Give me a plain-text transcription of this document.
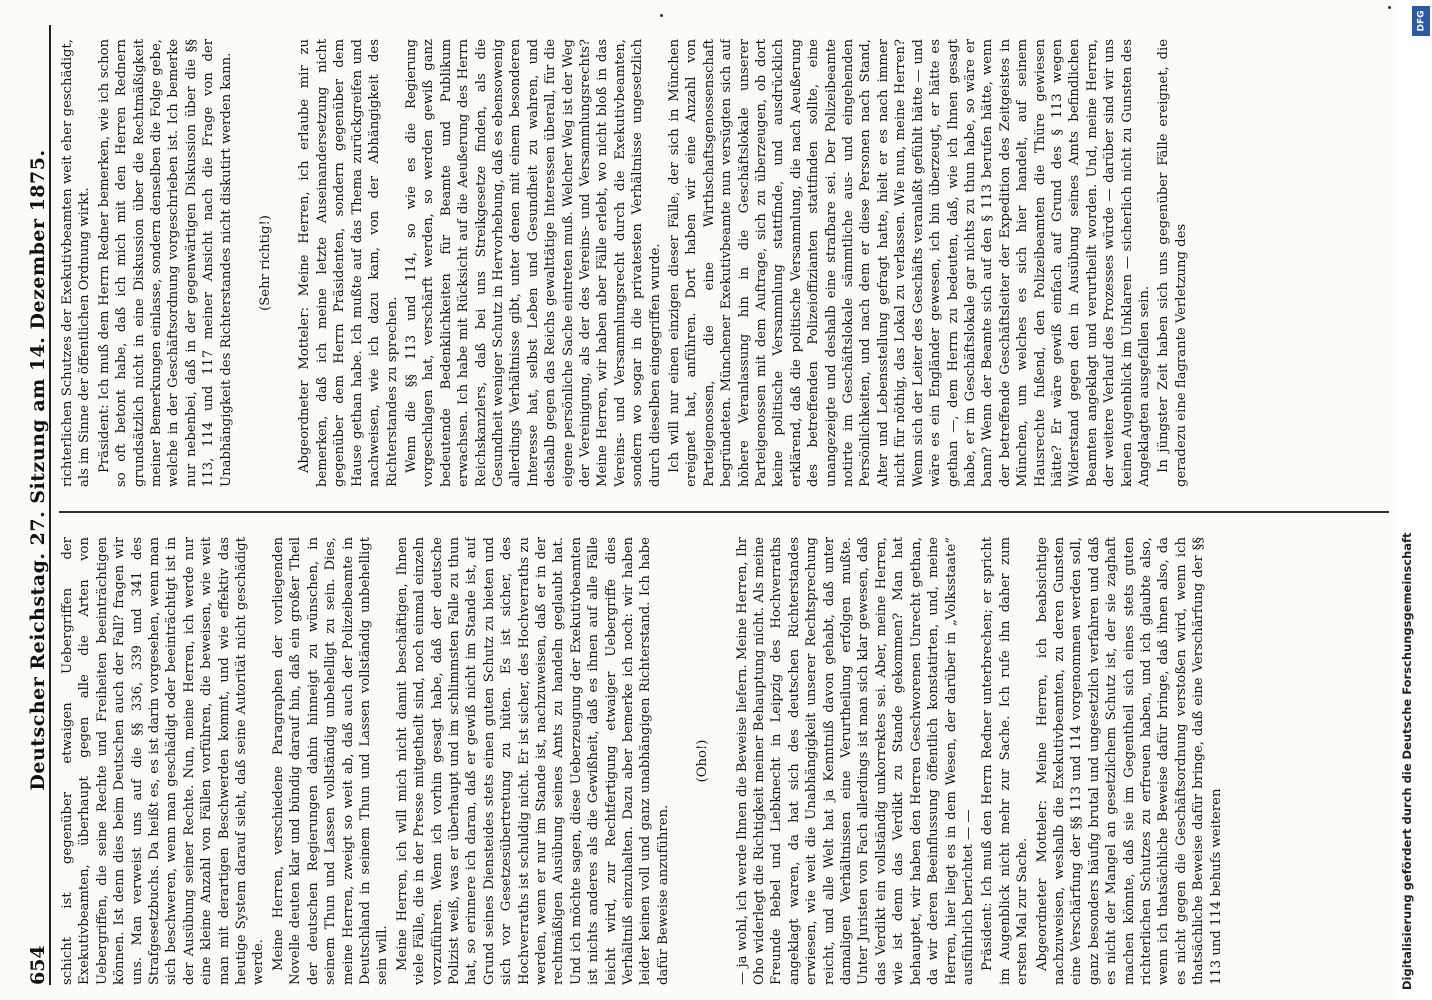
654
Deutscher Reichstag. 27. Sitzung am 14. Dezember 1875. schicht ist gegenüber etwaigen Uebergriffen der Exekutivbeamten, überhaupt gegen alle die Arten von Uebergriffen, die seine Rechte und Freiheiten beeinträchtigen können. Ist denn dies beim Deutschen auch der Fall? fragen wir uns. Man verweist uns auf die §§ 336, 339 und 341 des Strafgesetzbuchs. Da heißt es, es ist darin vorgesehen, wenn man sich beschweren, wenn man geschädigt oder beeinträchtigt ist in der Ausübung seiner Rechte. Nun, meine Herren, ich werde nur eine kleine Anzahl von Fällen vorführen, die beweisen, wie weit man mit derartigen Beschwerden kommt, und wie effektiv das heutige System darauf sieht, daß seine Autorität nicht geschädigt werde. Meine Herren, verschiedene Paragraphen der vorliegenden Novelle deuten klar und bündig darauf hin, daß ein großer Theil der deutschen Regierungen dahin hinneigt zu wünschen, in seinem Thun und Lassen vollständig unbehelligt zu sein. Dies, meine Herren, zweigt so weit ab, daß auch der Polizeibeamte in Deutschland in seinem Thun und Lassen vollständig unbehelligt sein will. Meine Herren, ich will mich nicht damit beschäftigen, Ihnen viele Fälle, die in der Presse mitgetheilt sind, noch einmal einzeln vorzuführen. Wenn ich vorhin gesagt habe, daß der deutsche Polizist weiß, was er überhaupt und im schlimmsten Falle zu thun hat, so erinnere ich daran, daß er gewiß nicht im Stande ist, auf Grund seines Diensteides stets einen guten Schutz zu bieten und sich vor Gesetzesübertretung zu hüten. Es ist sicher, des Hochverraths ist schuldig nicht. Er ist sicher, des Hochverraths zu werden, wenn er nur im Stande ist, nachzuweisen, daß er in der rechtmäßigen Ausübung seines Amts zu handeln geglaubt hat. Und ich möchte sagen, diese Ueberzeugung der Exekutivbeamten ist nichts anderes als die Gewißheit, daß es ihnen auf alle Fälle leicht wird, zur Rechtfertigung etwaiger Uebergriffe dies Verhältniß einzuhalten. Dazu aber bemerke ich noch: wir haben leider keinen voll und ganz unabhängigen Richterstand. Ich habe dafür Beweise anzuführen.

(Oho!) — ja wohl, ich werde Ihnen die Beweise liefern. Meine Herren, Ihr Oho widerlegt die Richtigkeit meiner Behauptung nicht. Als meine Freunde Bebel und Liebknecht in Leipzig des Hochverraths angeklagt waren, da hat sich des deutschen Richterstandes erwiesen, wie weit die Unabhängigkeit unserer Rechtsprechung reicht, und alle Welt hat ja Kenntniß davon gehabt, daß unter damaligen Verhältnissen eine Verurtheilung erfolgen mußte. Unter Juristen von Fach allerdings ist man sich klar gewesen, daß das Verdikt ein vollständig unkorrektes sei. Aber, meine Herren, wie ist denn das Verdikt zu Stande gekommen? Man hat behauptet, wir haben den Herren Geschworenen Unrecht gethan, da wir deren Beeinflussung öffentlich konstatirten, und, meine Herren, hier liegt es in dem Wesen, der darüber in „Volksstaate“ ausführlich berichtet — — Präsident: Ich muß den Herrn Redner unterbrechen; er spricht im Augenblick nicht mehr zur Sache. Ich rufe ihn daher zum ersten Mal zur Sache. Abgeordneter Motteler: Meine Herren, ich beabsichtige nachzuweisen, weshalb die Exekutivbeamten, zu deren Gunsten eine Verschärfung der §§ 113 und 114 vorgenommen werden soll, ganz besonders häufig brutal und ungesetzlich verfahren und daß es nicht der Mangel an gesetzlichem Schutz ist, der sie zaghaft machen könnte, daß sie im Gegentheil sich eines stets guten richterlichen Schutzes zu erfreuen haben, und ich glaubte also, wenn ich thatsächliche Beweise dafür bringe, daß ihnen also, da es nicht gegen die Geschäftsordnung verstoßen wird, wenn ich thatsächliche Beweise dafür bringe, daß eine Verschärfung der §§ 113 und 114 behufs weiteren

richterlichen Schutzes der Exekutivbeamten weit eher geschädigt, als im Sinne der öffentlichen Ordnung wirkt. Präsident: Ich muß dem Herrn Redner bemerken, wie ich schon so oft betont habe, daß ich mich mit den Herren Rednern grundsätzlich nicht in eine Diskussion über die Rechtmäßigkeit meiner Bemerkungen einlasse, sondern denselben die Folge gebe, welche in der Geschäftsordnung vorgeschrieben ist. Ich bemerke nur nebenbei, daß in der gegenwärtigen Diskussion über die §§ 113, 114 und 117 meiner Ansicht nach die Frage von der Unabhängigkeit des Richterstandes nicht diskutirt werden kann. (Sehr richtig!) Abgeordneter Motteler: Meine Herren, ich erlaube mir zu bemerken, daß ich meine letzte Auseinandersetzung nicht gegenüber dem Herrn Präsidenten, sondern gegenüber dem Hause gethan habe. Ich mußte auf das Thema zurückgreifen und nachweisen, wie ich dazu kam, von der Abhängigkeit des Richterstandes zu sprechen. Wenn die §§ 113 und 114, so wie es die Regierung vorgeschlagen hat, verschärft werden, so werden gewiß ganz bedeutende Bedenklichkeiten für Beamte und Publikum erwachsen. Ich habe mit Rücksicht auf die Aeußerung des Herrn Reichskanzlers, daß bei uns Streikgesetze finden, als die Gesundheit weniger Schutz in Hervorhebung, daß es ebensowenig allerdings Verhältnisse gibt, unter denen mit einem besonderen Interesse hat, selbst Leben und Gesundheit zu wahren, und deshalb gegen das Reichs gewalttätige Interessen überall, für die eigene persönliche Sache eintreten muß. Welcher Weg ist der Weg der Vereinigung, als der des Vereins- und Versammlungsrechts? Meine Herren, wir haben aber Fälle erlebt, wo nicht bloß in das Vereins- und Versammlungsrecht durch die Exekutivbeamten, sondern wo sogar in die privatesten Verhältnisse ungesetzlich durch dieselben eingegriffen wurde. Ich will nur einen einzigen dieser Fälle, der sich in München ereignet hat, anführen. Dort haben wir eine Anzahl von Parteigenossen, die eine Wirthschaftsgenossenschaft begründeten. Münchener Exekutivbeamte nun versügten sich auf höhere Veranlassung hin in die Geschäftslokale unserer Parteigenossen mit dem Auftrage, sich zu überzeugen, ob dort keine politische Versammlung stattfinde, und ausdrücklich erklärend, daß die politische Versammlung, die nach Aeußerung des betreffenden Polizeioffizianten stattfinden sollte, eine unangezeigte und deshalb eine strafbare sei. Der Polizeibeamte notirte im Geschäftslokale sämmtliche aus- und eingehenden Persönlichkeiten, und nach dem er diese Personen nach Stand, Alter und Lebensstellung gefragt hatte, hielt er es nach immer nicht für nöthig, das Lokal zu verlassen. Wie nun, meine Herren? Wenn sich der Leiter des Geschäfts veranlaßt gefühlt hätte — und wäre es ein Engländer gewesen, ich bin überzeugt, er hätte es gethan —, dem Herrn zu bedeuten, daß, wie ich Ihnen gesagt habe, er im Geschäftslokale gar nichts zu thun habe, so wäre er bann? Wenn der Beamte sich auf den § 113 berufen hätte, wenn der betreffende Geschäftsleiter der Expedition des Zeitgeistes in München, um welches es sich hier handelt, auf seinem Hausrechte fußend, den Polizeibeamten die Thüre gewiesen hätte? Er wäre gewiß einfach auf Grund des § 113 wegen Widerstand gegen den in Ausübung seines Amts befindlichen Beamten angeklagt und verurtheilt worden. Und, meine Herren, der weitere Verlauf des Prozesses würde — darüber sind wir uns keinen Augenblick im Unklaren — sicherlich nicht zu Gunsten des Angeklagten ausgefallen sein. In jüngster Zeit haben sich uns gegenüber Fälle ereignet, die geradezu eine flagrante Verletzung des

DFG
Digitalisierung gefördert durch die Deutsche Forschungsgemeinschaft
